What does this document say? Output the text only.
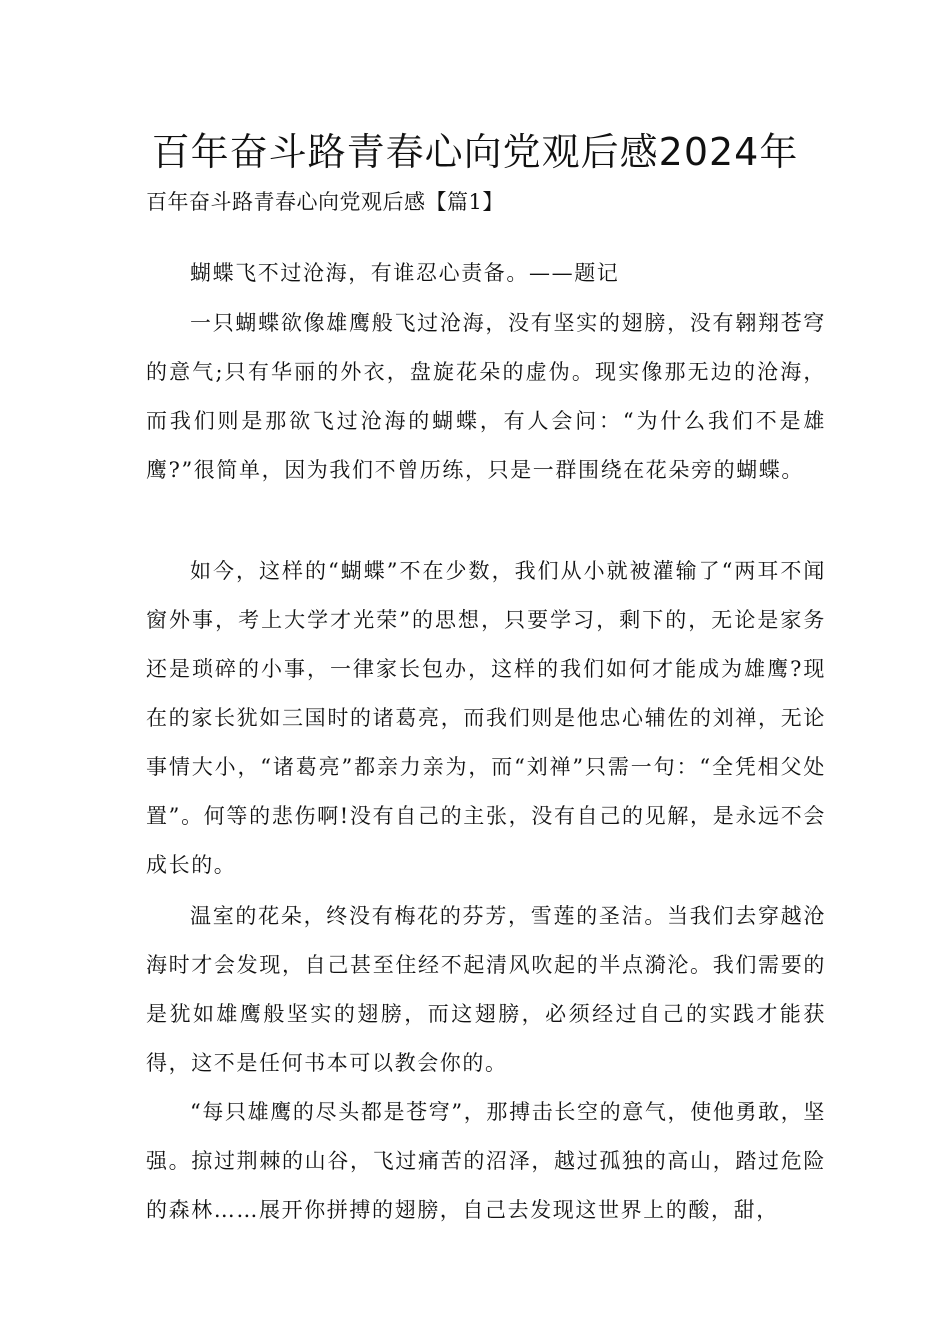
百年奋斗路青春心向党观后感2024年
百年奋斗路青春心向党观后感【篇1】

蝴蝶飞不过沧海，有谁忍心责备。——题记

一只蝴蝶欲像雄鹰般飞过沧海，没有坚实的翅膀，没有翱翔苍穹的意气;只有华丽的外衣，盘旋花朵的虚伪。现实像那无边的沧海，而我们则是那欲飞过沧海的蝴蝶，有人会问：“为什么我们不是雄鹰?”很简单，因为我们不曾历练，只是一群围绕在花朵旁的蝴蝶。

如今，这样的“蝴蝶”不在少数，我们从小就被灌输了“两耳不闻窗外事，考上大学才光荣”的思想，只要学习，剩下的，无论是家务还是琐碎的小事，一律家长包办，这样的我们如何才能成为雄鹰?现在的家长犹如三国时的诸葛亮，而我们则是他忠心辅佐的刘禅，无论事情大小，“诸葛亮”都亲力亲为，而“刘禅”只需一句：“全凭相父处置”。何等的悲伤啊!没有自己的主张，没有自己的见解，是永远不会成长的。

温室的花朵，终没有梅花的芬芳，雪莲的圣洁。当我们去穿越沧海时才会发现，自己甚至住经不起清风吹起的半点漪沦。我们需要的是犹如雄鹰般坚实的翅膀，而这翅膀，必须经过自己的实践才能获得，这不是任何书本可以教会你的。

“每只雄鹰的尽头都是苍穹”，那搏击长空的意气，使他勇敢，坚强。掠过荆棘的山谷，飞过痛苦的沼泽，越过孤独的高山，踏过危险的森林……展开你拼搏的翅膀，自己去发现这世界上的酸，甜，
